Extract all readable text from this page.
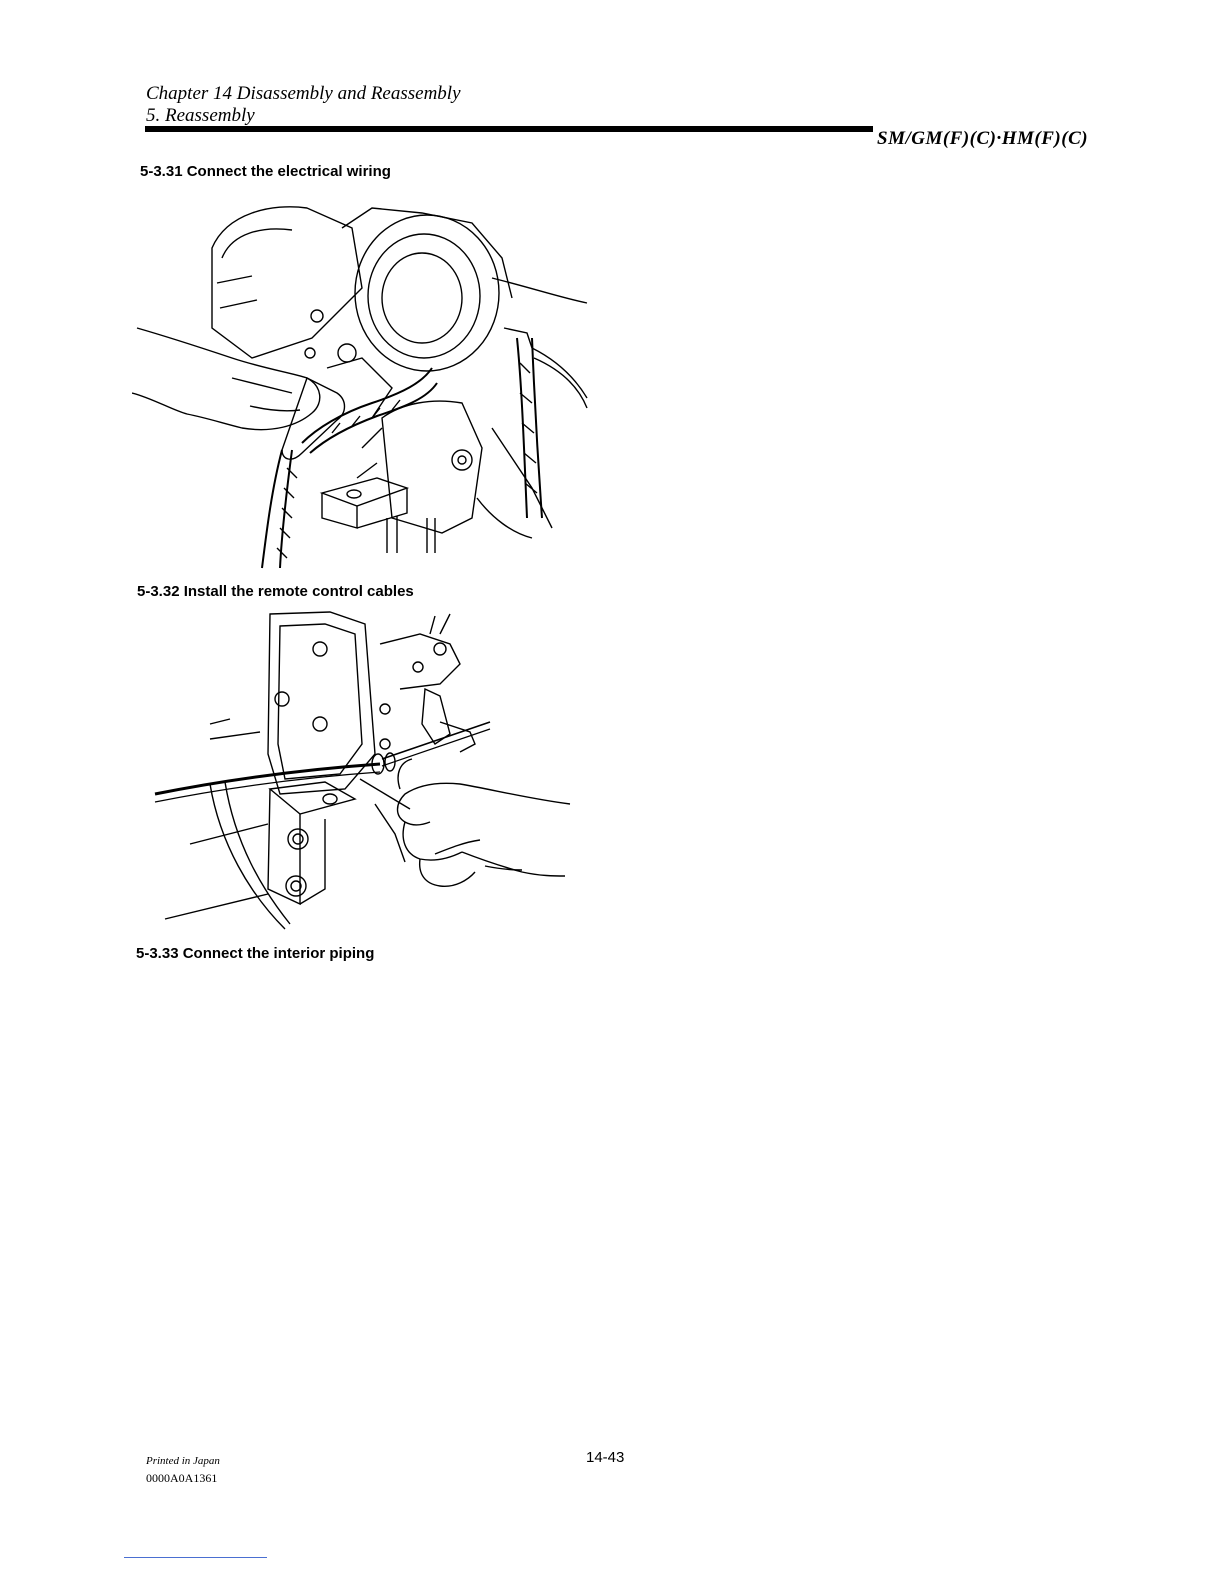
Chapter 14 Disassembly and Reassembly
5. Reassembly
SM/GM(F)(C)·HM(F)(C)
5-3.31 Connect the electrical wiring
5-3.32 Install the remote control cables
5-3.33 Connect the interior piping
Printed in Japan
0000A0A1361
14-43
